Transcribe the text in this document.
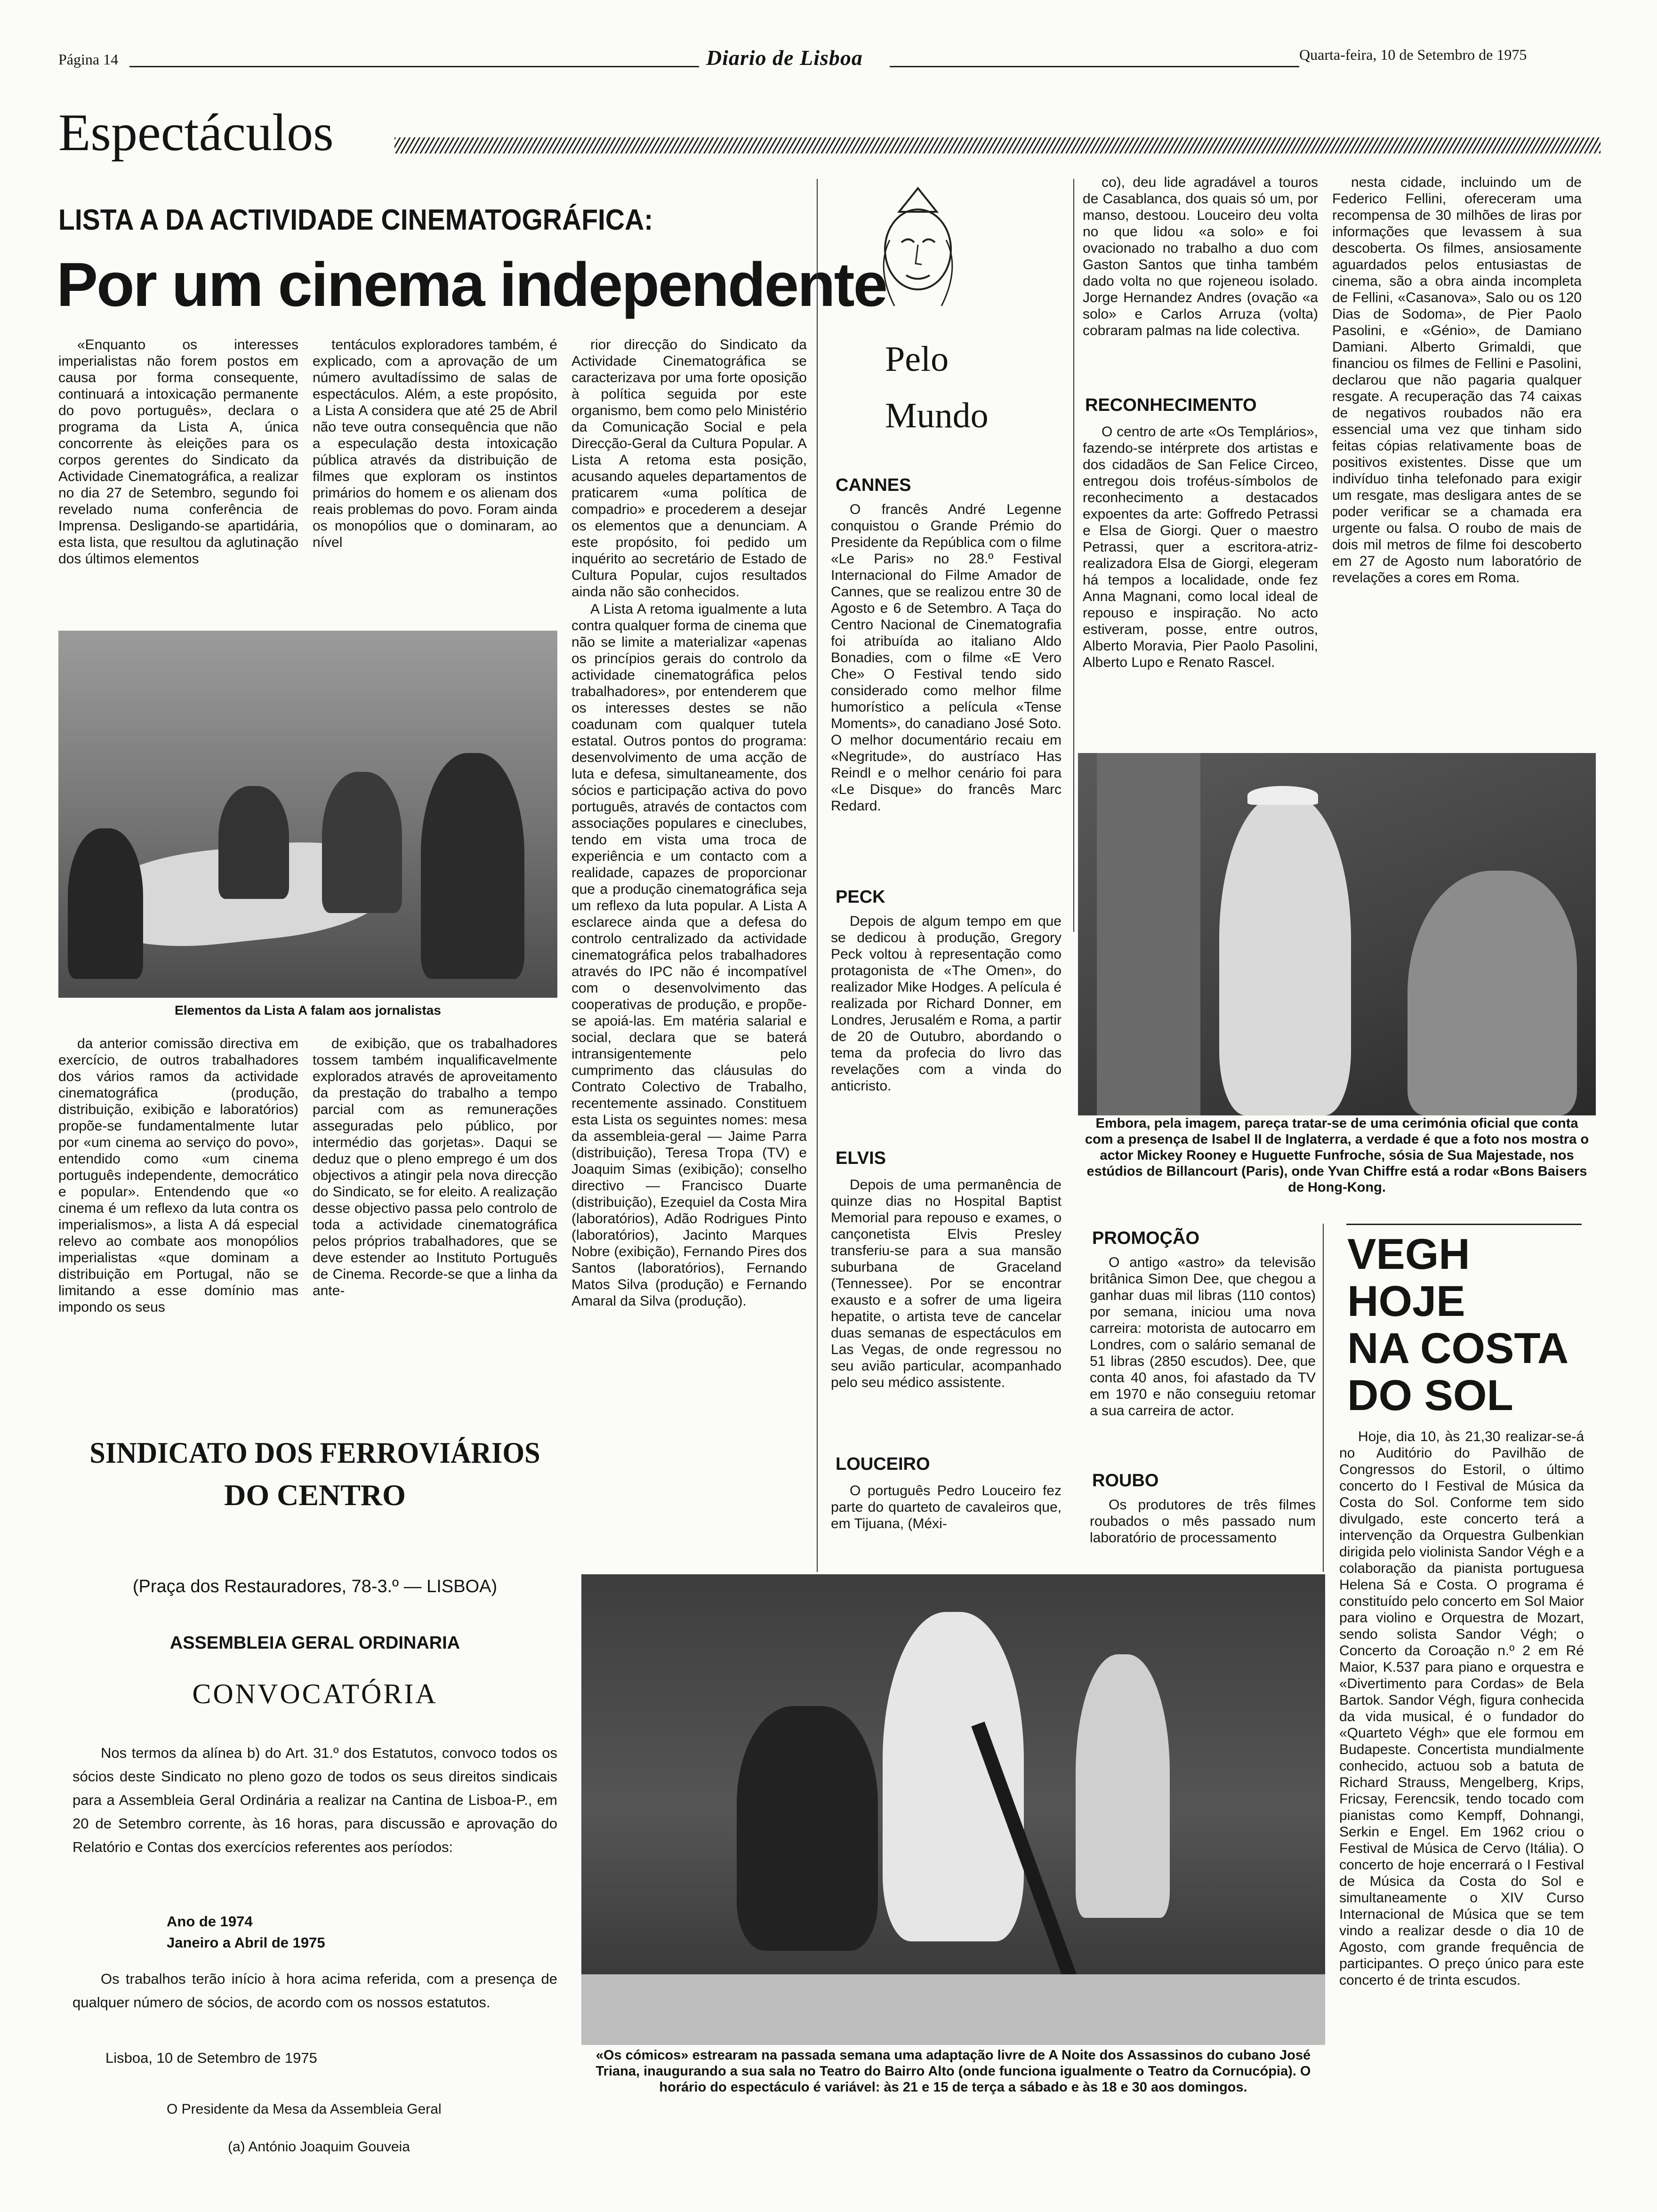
Página 14	Diario de Lisboa	Quarta-feira, 10 de Setembro de 1975
Espectáculos
LISTA A DA ACTIVIDADE CINEMATOGRÁFICA:
Por um cinema independente

«Enquanto os interesses imperialistas não forem postos em causa por forma consequente, continuará a intoxicação permanente do povo português», declara o programa da Lista A, única concorrente às eleições para os corpos gerentes do Sindicato da Actividade Cinematográfica, a realizar no dia 27 de Setembro, segundo foi revelado numa conferência de Imprensa. Desligando-se apartidária, esta lista, que resultou da aglutinação dos últimos elementos

tentáculos exploradores também, é explicado, com a aprovação de um número avultadíssimo de salas de espectáculos. Além, a este propósito, a Lista A considera que até 25 de Abril não teve outra consequência que não a especulação desta intoxicação pública através da distribuição de filmes que exploram os instintos primários do homem e os alienam dos reais problemas do povo. Foram ainda os monopólios que o dominaram, ao nível

rior direcção do Sindicato da Actividade Cinematográfica se caracterizava por uma forte oposição à política seguida por este organismo, bem como pelo Ministério da Comunicação Social e pela Direcção-Geral da Cultura Popular. A Lista A retoma esta posição, acusando aqueles departamentos de praticarem «uma política de compadrio» e procederem a desejar os elementos que a denunciam. A este propósito, foi pedido um inquérito ao secretário de Estado de Cultura Popular, cujos resultados ainda não são conhecidos.

A Lista A retoma igualmente a luta contra qualquer forma de cinema que não se limite a materializar «apenas os princípios gerais do controlo da actividade cinematográfica pelos trabalhadores», por entenderem que os interesses destes se não coadunam com qualquer tutela estatal. Outros pontos do programa: desenvolvimento de uma acção de luta e defesa, simultaneamente, dos sócios e participação activa do povo português, através de contactos com associações populares e cineclubes, tendo em vista uma troca de experiência e um contacto com a realidade, capazes de proporcionar que a produção cinematográfica seja um reflexo da luta popular. A Lista A esclarece ainda que a defesa do controlo centralizado da actividade cinematográfica pelos trabalhadores através do IPC não é incompatível com o desenvolvimento das cooperativas de produção, e propõe-se apoiá-las. Em matéria salarial e social, declara que se baterá intransigentemente pelo cumprimento das cláusulas do Contrato Colectivo de Trabalho, recentemente assinado. Constituem esta Lista os seguintes nomes: mesa da assembleia-geral — Jaime Parra (distribuição), Teresa Tropa (TV) e Joaquim Simas (exibição); conselho directivo — Francisco Duarte (distribuição), Ezequiel da Costa Mira (laboratórios), Adão Rodrigues Pinto (laboratórios), Jacinto Marques Nobre (exibição), Fernando Pires dos Santos (laboratórios), Fernando Matos Silva (produção) e Fernando Amaral da Silva (produção).

Elementos da Lista A falam aos jornalistas

da anterior comissão directiva em exercício, de outros trabalhadores dos vários ramos da actividade cinematográfica (produção, distribuição, exibição e laboratórios) propõe-se fundamentalmente lutar por «um cinema ao serviço do povo», entendido como «um cinema português independente, democrático e popular». Entendendo que «o cinema é um reflexo da luta contra os imperialismos», a lista A dá especial relevo ao combate aos monopólios imperialistas «que dominam a distribuição em Portugal, não se limitando a esse domínio mas impondo os seus

de exibição, que os trabalhadores tossem também inqualificavelmente explorados através de aproveitamento da prestação do trabalho a tempo parcial com as remunerações asseguradas pelo público, por intermédio das gorjetas». Daqui se deduz que o pleno emprego é um dos objectivos a atingir pela nova direcção do Sindicato, se for eleito. A realização desse objectivo passa pelo controlo de toda a actividade cinematográfica pelos próprios trabalhadores, que se deve estender ao Instituto Português de Cinema. Recorde-se que a linha da ante-

SINDICATO DOS FERROVIÁRIOS
DO CENTRO
(Praça dos Restauradores, 78-3.º — LISBOA)
ASSEMBLEIA GERAL ORDINARIA
CONVOCATÓRIA
Nos termos da alínea b) do Art. 31.º dos Estatutos, convoco todos os sócios deste Sindicato no pleno gozo de todos os seus direitos sindicais para a Assembleia Geral Ordinária a realizar na Cantina de Lisboa-P., em 20 de Setembro corrente, às 16 horas, para discussão e aprovação do Relatório e Contas dos exercícios referentes aos períodos:
Ano de 1974
Janeiro a Abril de 1975
Os trabalhos terão início à hora acima referida, com a presença de qualquer número de sócios, de acordo com os nossos estatutos.
Lisboa, 10 de Setembro de 1975
O Presidente da Mesa da Assembleia Geral
(a) António Joaquim Gouveia
Pelo
Mundo
CANNES

O francês André Legenne conquistou o Grande Prémio do Presidente da República com o filme «Le Paris» no 28.º Festival Internacional do Filme Amador de Cannes, que se realizou entre 30 de Agosto e 6 de Setembro. A Taça do Centro Nacional de Cinematografia foi atribuída ao italiano Aldo Bonadies, com o filme «E Vero Che» O Festival tendo sido considerado como melhor filme humorístico a película «Tense Moments», do canadiano José Soto. O melhor documentário recaiu em «Negritude», do austríaco Has Reindl e o melhor cenário foi para «Le Disque» do francês Marc Redard.

PECK

Depois de algum tempo em que se dedicou à produção, Gregory Peck voltou à representação como protagonista de «The Omen», do realizador Mike Hodges. A película é realizada por Richard Donner, em Londres, Jerusalém e Roma, a partir de 20 de Outubro, abordando o tema da profecia do livro das revelações com a vinda do anticristo.

ELVIS

Depois de uma permanência de quinze dias no Hospital Baptist Memorial para repouso e exames, o cançonetista Elvis Presley transferiu-se para a sua mansão suburbana de Graceland (Tennessee). Por se encontrar exausto e a sofrer de uma ligeira hepatite, o artista teve de cancelar duas semanas de espectáculos em Las Vegas, de onde regressou no seu avião particular, acompanhado pelo seu médico assistente.

LOUCEIRO

O português Pedro Louceiro fez parte do quarteto de cavaleiros que, em Tijuana, (Méxi-

co), deu lide agradável a touros de Casablanca, dos quais só um, por manso, destoou. Louceiro deu volta no que lidou «a solo» e foi ovacionado no trabalho a duo com Gaston Santos que tinha também dado volta no que rojeneou isolado. Jorge Hernandez Andres (ovação «a solo» e Carlos Arruza (volta) cobraram palmas na lide colectiva.

RECONHECIMENTO

O centro de arte «Os Templários», fazendo-se intérprete dos artistas e dos cidadãos de San Felice Circeo, entregou dois troféus-símbolos de reconhecimento a destacados expoentes da arte: Goffredo Petrassi e Elsa de Giorgi. Quer o maestro Petrassi, quer a escritora-atriz-realizadora Elsa de Giorgi, elegeram há tempos a localidade, onde fez Anna Magnani, como local ideal de repouso e inspiração. No acto estiveram, posse, entre outros, Alberto Moravia, Pier Paolo Pasolini, Alberto Lupo e Renato Rascel.

nesta cidade, incluindo um de Federico Fellini, ofereceram uma recompensa de 30 milhões de liras por informações que levassem à sua descoberta. Os filmes, ansiosamente aguardados pelos entusiastas de cinema, são a obra ainda incompleta de Fellini, «Casanova», Salo ou os 120 Dias de Sodoma», de Pier Paolo Pasolini, e «Génio», de Damiano Damiani. Alberto Grimaldi, que financiou os filmes de Fellini e Pasolini, declarou que não pagaria qualquer resgate. A recuperação das 74 caixas de negativos roubados não era essencial uma vez que tinham sido feitas cópias relativamente boas de positivos existentes. Disse que um indivíduo tinha telefonado para exigir um resgate, mas desligara antes de se poder verificar se a chamada era urgente ou falsa. O roubo de mais de dois mil metros de filme foi descoberto em 27 de Agosto num laboratório de revelações a cores em Roma.

Embora, pela imagem, pareça tratar-se de uma cerimónia oficial que conta com a presença de Isabel II de Inglaterra, a verdade é que a foto nos mostra o actor Mickey Rooney e Huguette Funfroche, sósia de Sua Majestade, nos estúdios de Billancourt (Paris), onde Yvan Chiffre está a rodar «Bons Baisers de Hong-Kong.
PROMOÇÃO

O antigo «astro» da televisão britânica Simon Dee, que chegou a ganhar duas mil libras (110 contos) por semana, iniciou uma nova carreira: motorista de autocarro em Londres, com o salário semanal de 51 libras (2850 escudos). Dee, que conta 40 anos, foi afastado da TV em 1970 e não conseguiu retomar a sua carreira de actor.

ROUBO

Os produtores de três filmes roubados o mês passado num laboratório de processamento

VEGH
HOJE
NA COSTA
DO SOL

Hoje, dia 10, às 21,30 realizar-se-á no Auditório do Pavilhão de Congressos do Estoril, o último concerto do I Festival de Música da Costa do Sol. Conforme tem sido divulgado, este concerto terá a intervenção da Orquestra Gulbenkian dirigida pelo violinista Sandor Végh e a colaboração da pianista portuguesa Helena Sá e Costa. O programa é constituído pelo concerto em Sol Maior para violino e Orquestra de Mozart, sendo solista Sandor Végh; o Concerto da Coroação n.º 2 em Ré Maior, K.537 para piano e orquestra e «Divertimento para Cordas» de Bela Bartok. Sandor Végh, figura conhecida da vida musical, é o fundador do «Quarteto Végh» que ele formou em Budapeste. Concertista mundialmente conhecido, actuou sob a batuta de Richard Strauss, Mengelberg, Krips, Fricsay, Ferencsik, tendo tocado com pianistas como Kempff, Dohnangi, Serkin e Engel. Em 1962 criou o Festival de Música de Cervo (Itália). O concerto de hoje encerrará o I Festival de Música da Costa do Sol e simultaneamente o XIV Curso Internacional de Música que se tem vindo a realizar desde o dia 10 de Agosto, com grande frequência de participantes. O preço único para este concerto é de trinta escudos.

«Os cómicos» estrearam na passada semana uma adaptação livre de A Noite dos Assassinos do cubano José Triana, inaugurando a sua sala no Teatro do Bairro Alto (onde funciona igualmente o Teatro da Cornucópia). O horário do espectáculo é variável: às 21 e 15 de terça a sábado e às 18 e 30 aos domingos.
